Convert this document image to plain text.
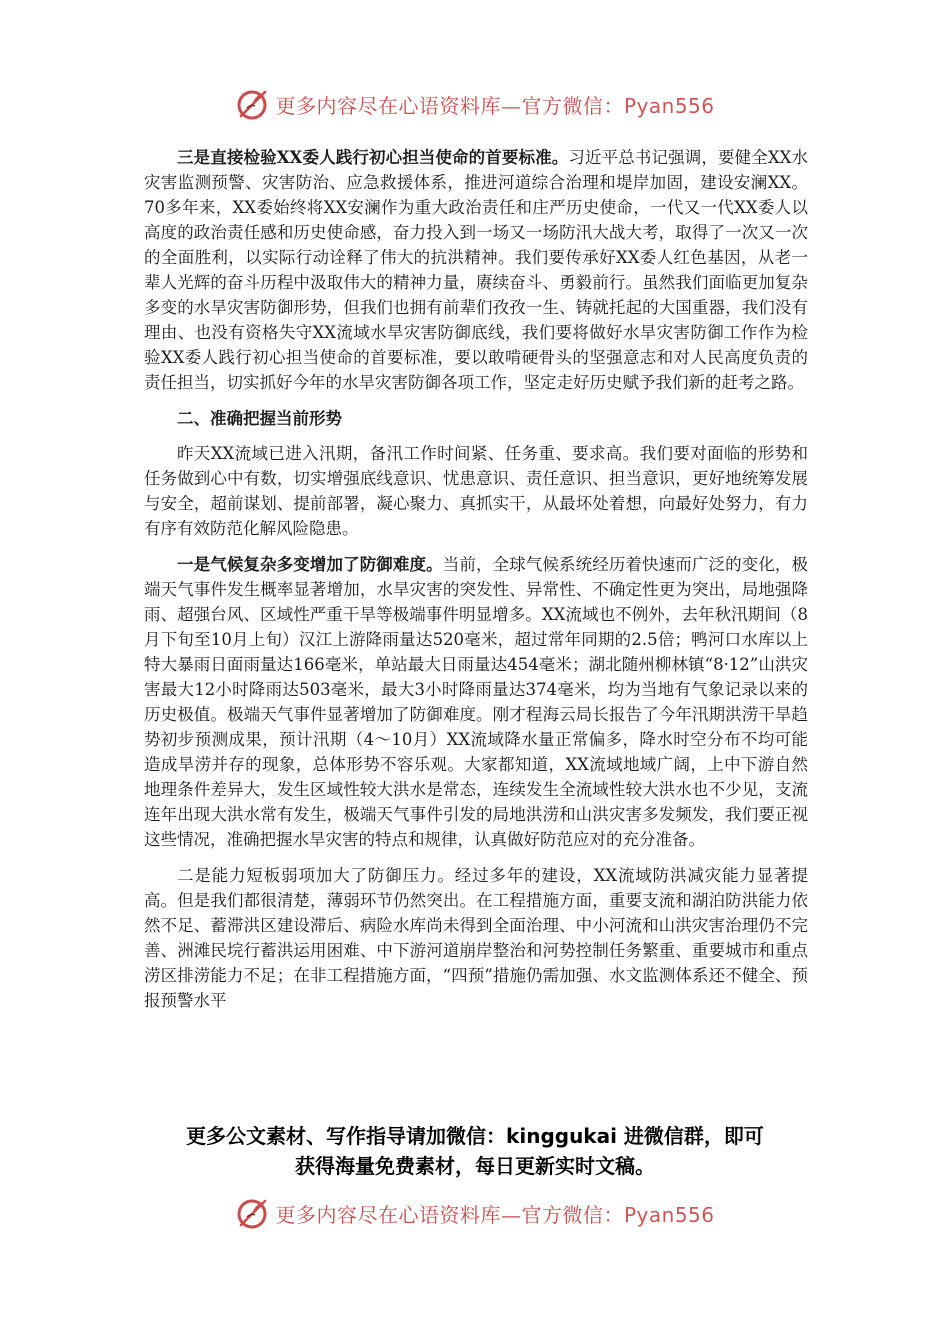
更多内容尽在心语资料库—官方微信：Pyan556

三是直接检验XX委人践行初心担当使命的首要标准。习近平总书记强调，要健全XX水灾害监测预警、灾害防治、应急救援体系，推进河道综合治理和堤岸加固，建设安澜XX。70多年来，XX委始终将XX安澜作为重大政治责任和庄严历史使命，一代又一代XX委人以高度的政治责任感和历史使命感，奋力投入到一场又一场防汛大战大考，取得了一次又一次的全面胜利，以实际行动诠释了伟大的抗洪精神。我们要传承好XX委人红色基因，从老一辈人光辉的奋斗历程中汲取伟大的精神力量，赓续奋斗、勇毅前行。虽然我们面临更加复杂多变的水旱灾害防御形势，但我们也拥有前辈们孜孜一生、铸就托起的大国重器，我们没有理由、也没有资格失守XX流域水旱灾害防御底线，我们要将做好水旱灾害防御工作作为检验XX委人践行初心担当使命的首要标准，要以敢啃硬骨头的坚强意志和对人民高度负责的责任担当，切实抓好今年的水旱灾害防御各项工作，坚定走好历史赋予我们新的赶考之路。

二、准确把握当前形势

昨天XX流域已进入汛期，备汛工作时间紧、任务重、要求高。我们要对面临的形势和任务做到心中有数，切实增强底线意识、忧患意识、责任意识、担当意识，更好地统筹发展与安全，超前谋划、提前部署，凝心聚力、真抓实干，从最坏处着想，向最好处努力，有力有序有效防范化解风险隐患。

一是气候复杂多变增加了防御难度。当前，全球气候系统经历着快速而广泛的变化，极端天气事件发生概率显著增加，水旱灾害的突发性、异常性、不确定性更为突出，局地强降雨、超强台风、区域性严重干旱等极端事件明显增多。XX流域也不例外，去年秋汛期间（8月下旬至10月上旬）汉江上游降雨量达520毫米，超过常年同期的2.5倍；鸭河口水库以上特大暴雨日面雨量达166毫米，单站最大日雨量达454毫米；湖北随州柳林镇“8·12”山洪灾害最大12小时降雨达503毫米，最大3小时降雨量达374毫米，均为当地有气象记录以来的历史极值。极端天气事件显著增加了防御难度。刚才程海云局长报告了今年汛期洪涝干旱趋势初步预测成果，预计汛期（4～10月）XX流域降水量正常偏多，降水时空分布不均可能造成旱涝并存的现象，总体形势不容乐观。大家都知道，XX流域地域广阔，上中下游自然地理条件差异大，发生区域性较大洪水是常态，连续发生全流域性较大洪水也不少见，支流连年出现大洪水常有发生，极端天气事件引发的局地洪涝和山洪灾害多发频发，我们要正视这些情况，准确把握水旱灾害的特点和规律，认真做好防范应对的充分准备。

二是能力短板弱项加大了防御压力。经过多年的建设，XX流域防洪减灾能力显著提高。但是我们都很清楚，薄弱环节仍然突出。在工程措施方面，重要支流和湖泊防洪能力依然不足、蓄滞洪区建设滞后、病险水库尚未得到全面治理、中小河流和山洪灾害治理仍不完善、洲滩民垸行蓄洪运用困难、中下游河道崩岸整治和河势控制任务繁重、重要城市和重点涝区排涝能力不足；在非工程措施方面，“四预”措施仍需加强、水文监测体系还不健全、预报预警水平

更多公文素材、写作指导请加微信：kinggukai 进微信群，即可
获得海量免费素材，每日更新实时文稿。
更多内容尽在心语资料库—官方微信：Pyan556
